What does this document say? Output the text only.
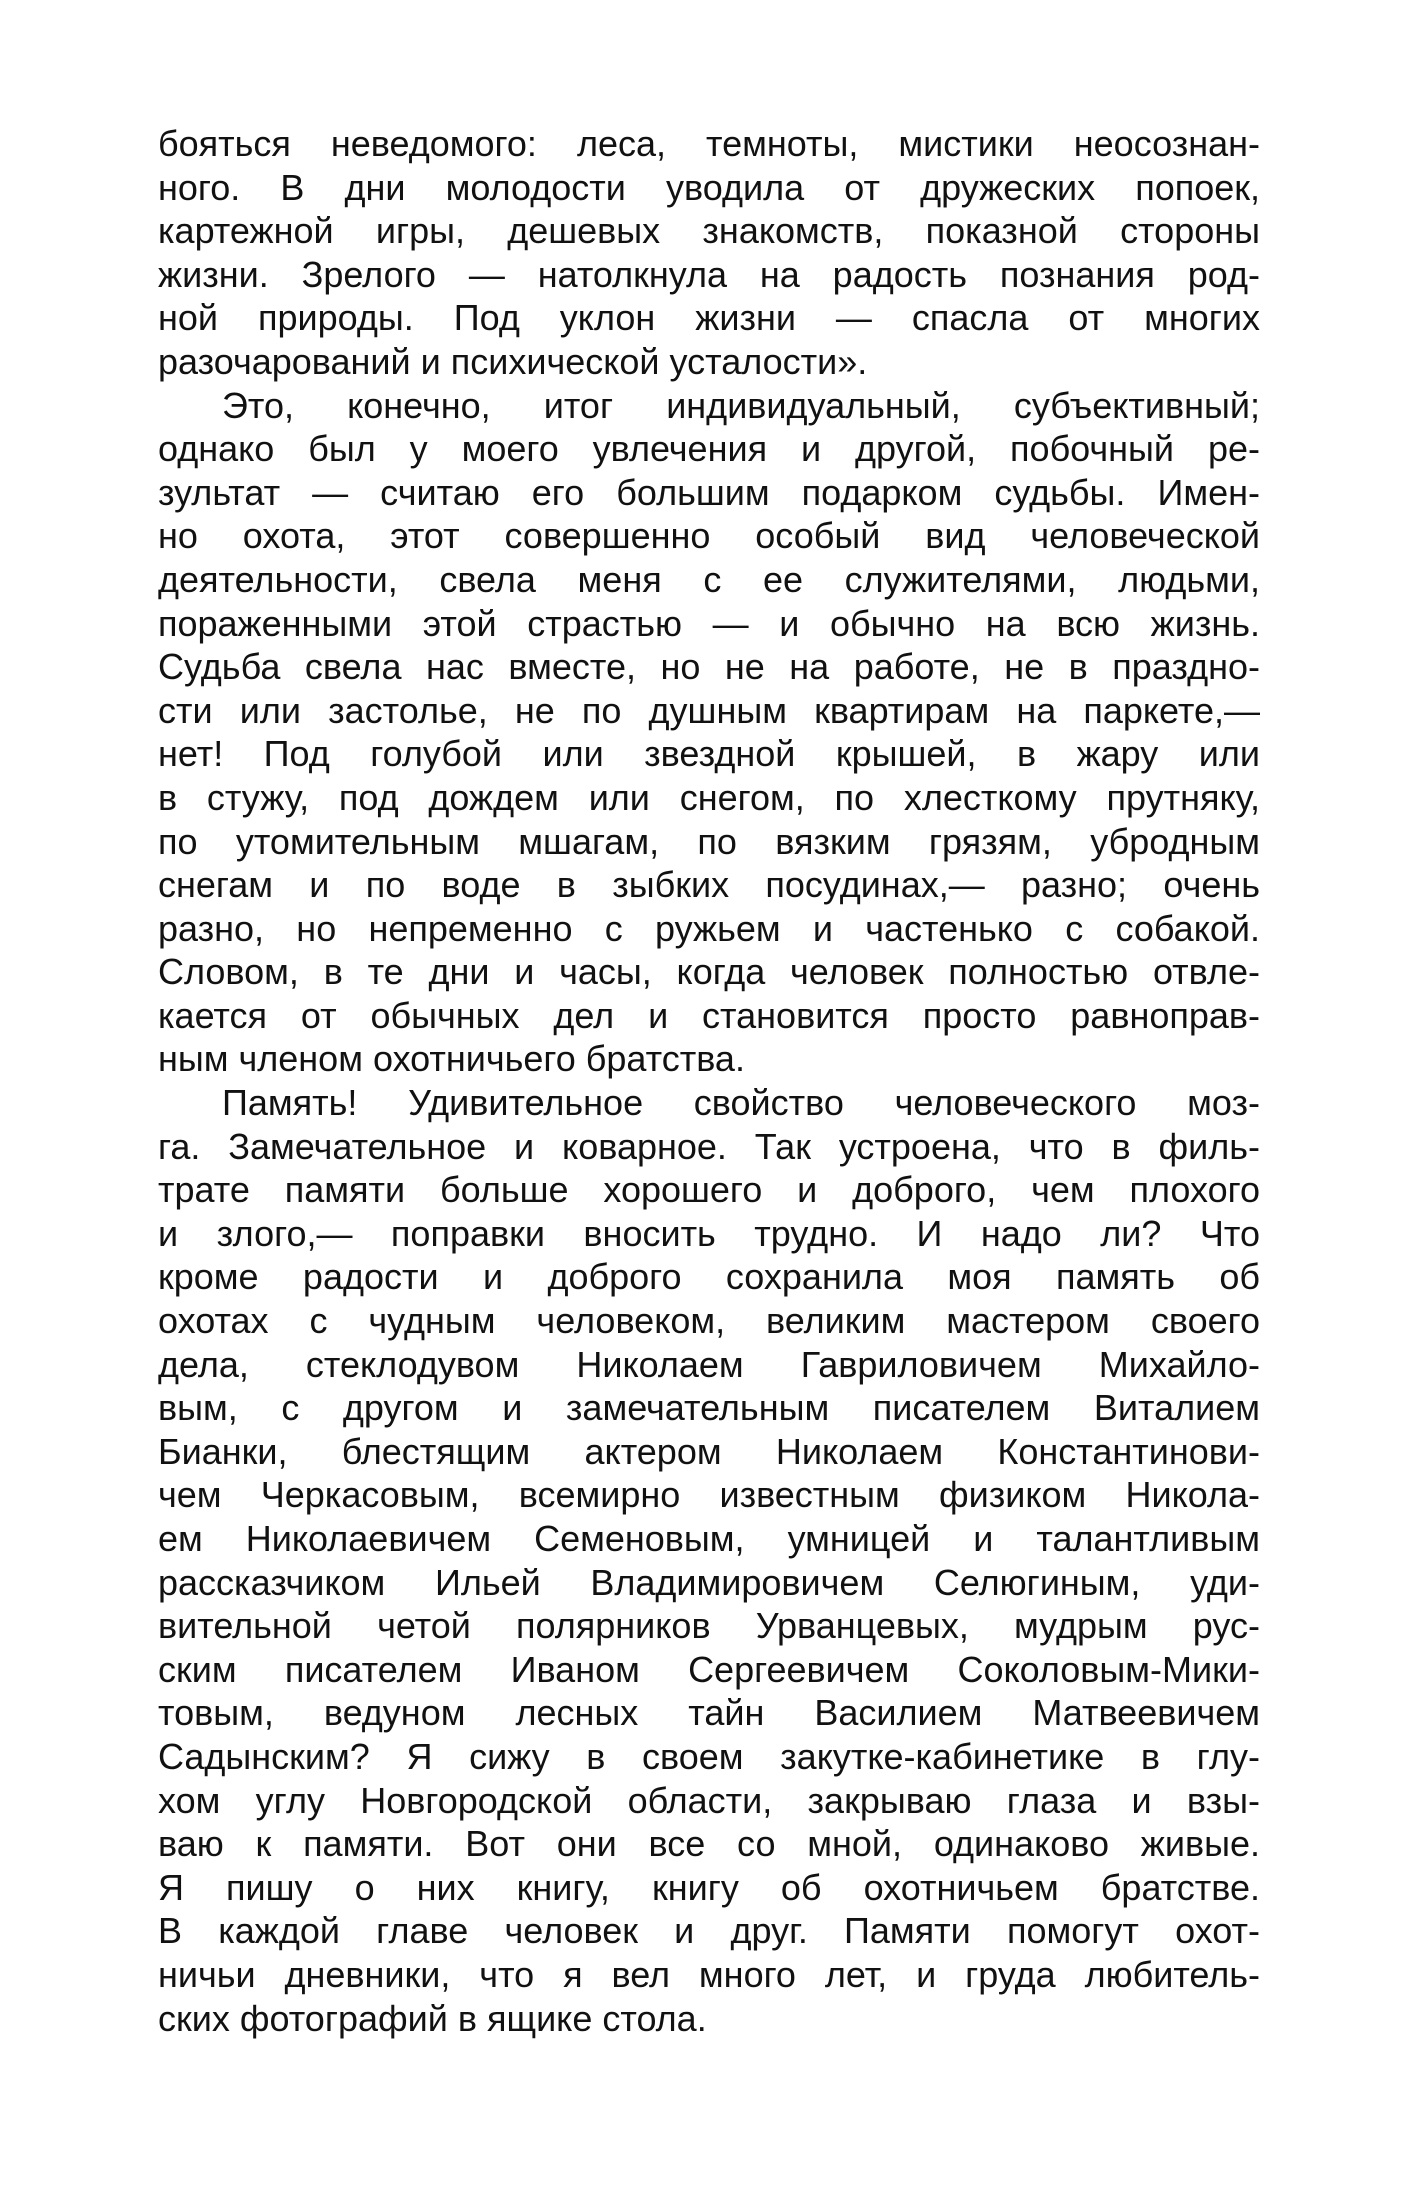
бояться неведомого: леса, темноты, мистики неосознан-
ного. В дни молодости уводила от дружеских попоек,
картежной игры, дешевых знакомств, показной стороны
жизни. Зрелого — натолкнула на радость познания род-
ной природы. Под уклон жизни — спасла от многих
разочарований и психической усталости».
Это, конечно, итог индивидуальный, субъективный;
однако был у моего увлечения и другой, побочный ре-
зультат — считаю его большим подарком судьбы. Имен-
но охота, этот совершенно особый вид человеческой
деятельности, свела меня с ее служителями, людьми,
пораженными этой страстью — и обычно на всю жизнь.
Судьба свела нас вместе, но не на работе, не в праздно-
сти или застолье, не по душным квартирам на паркете,—
нет! Под голубой или звездной крышей, в жару или
в стужу, под дождем или снегом, по хлесткому прутняку,
по утомительным мшагам, по вязким грязям, убродным
снегам и по воде в зыбких посудинах,— разно; очень
разно, но непременно с ружьем и частенько с собакой.
Словом, в те дни и часы, когда человек полностью отвле-
кается от обычных дел и становится просто равноправ-
ным членом охотничьего братства.
Память! Удивительное свойство человеческого моз-
га. Замечательное и коварное. Так устроена, что в филь-
трате памяти больше хорошего и доброго, чем плохого
и злого,— поправки вносить трудно. И надо ли? Что
кроме радости и доброго сохранила моя память об
охотах с чудным человеком, великим мастером своего
дела, стеклодувом Николаем Гавриловичем Михайло-
вым, с другом и замечательным писателем Виталием
Бианки, блестящим актером Николаем Константинови-
чем Черкасовым, всемирно известным физиком Никола-
ем Николаевичем Семеновым, умницей и талантливым
рассказчиком Ильей Владимировичем Селюгиным, уди-
вительной четой полярников Урванцевых, мудрым рус-
ским писателем Иваном Сергеевичем Соколовым-Мики-
товым, ведуном лесных тайн Василием Матвеевичем
Садынским? Я сижу в своем закутке-кабинетике в глу-
хом углу Новгородской области, закрываю глаза и взы-
ваю к памяти. Вот они все со мной, одинаково живые.
Я пишу о них книгу, книгу об охотничьем братстве.
В каждой главе человек и друг. Памяти помогут охот-
ничьи дневники, что я вел много лет, и груда любитель-
ских фотографий в ящике стола.
